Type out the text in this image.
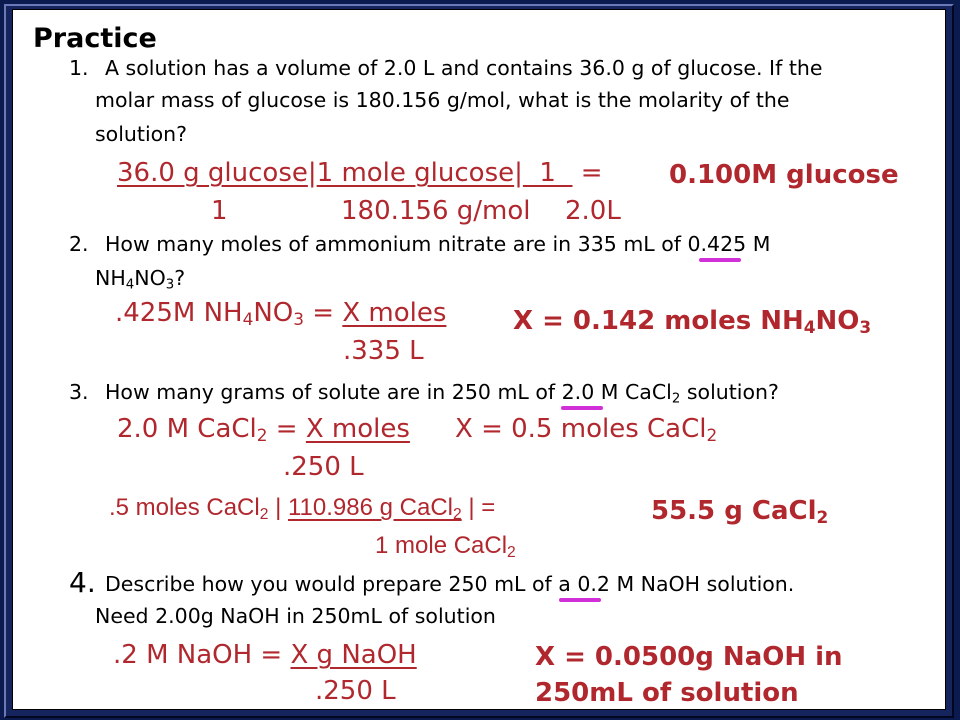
Practice
1. A solution has a volume of 2.0 L and contains 36.0 g of glucose. If the
molar mass of glucose is 180.156 g/mol, what is the molarity of the
solution?
36.0 g glucose|1 mole glucose|  1   =
1	180.156 g/mol 2.0L
0.100M glucose
2. How many moles of ammonium nitrate are in 335 mL of 0.425 M
$NH_4NO_3$?
.425M $NH_4NO_3 = X$ moles
.335 L
X = 0.142 moles $NH_4NO_3$
3. How many grams of solute are in 250 mL of 2.0 M CaCl$_2$ solution?
2.0 M CaCl$_2$ = X moles X = 0.5 moles CaCl$_2$
.250 L
.5 moles CaCl$_2$ | 110.986 g CaCl$_2$ | =
1 mole CaCl$_2$
55.5 g CaCl$_2$
4. Describe how you would prepare 250 mL of a 0.2 M NaOH solution.
Need 2.00g NaOH in 250mL of solution
.2 M NaOH = X g NaOH
.250 L
X = 0.0500g NaOH in
250mL of solution
